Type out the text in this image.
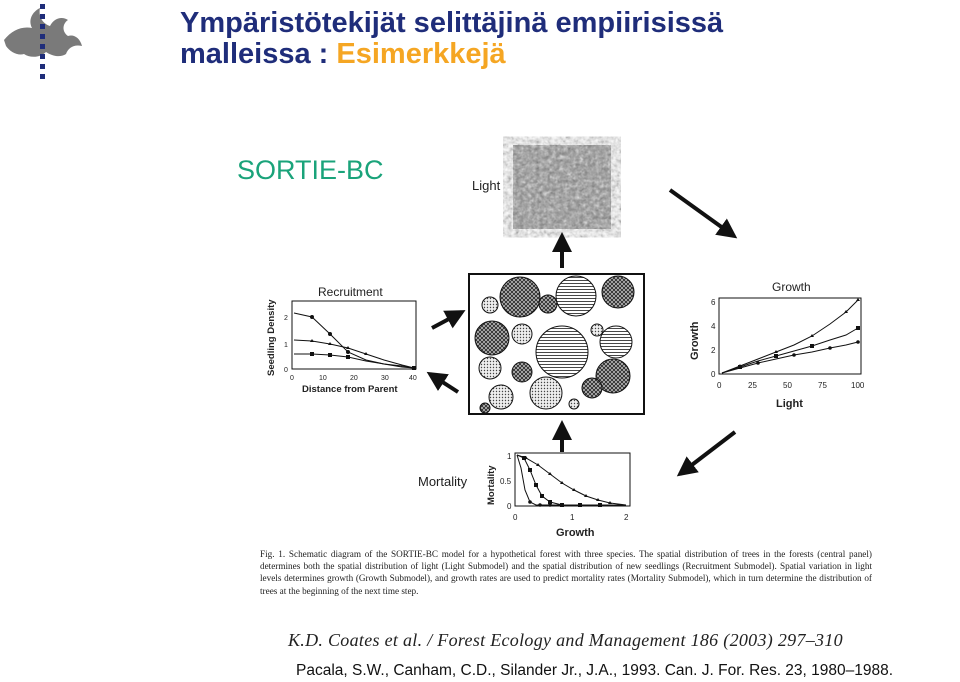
Ympäristötekijät selittäjinä empiirisissä
malleissa : Esimerkkejä
SORTIE-BC
Light
Recruitment
Seedling Density
Distance from Parent
0	10	20	30	40
0
1
2
Growth
Growth
Light
0	25	50	75	100
0
2
4
6
Mortality Mortality
Growth
0	1	2
0
0.5
1
Fig. 1. Schematic diagram of the SORTIE-BC model for a hypothetical forest with three species. The spatial distribution of trees in the forests (central panel) determines both the spatial distribution of light (Light Submodel) and the spatial distribution of new seedlings (Recruitment Submodel). Spatial variation in light levels determines growth (Growth Submodel), and growth rates are used to predict mortality rates (Mortality Submodel), which in turn determine the distribution of trees at the beginning of the next time step.
K.D. Coates et al. / Forest Ecology and Management 186 (2003) 297–310
Pacala, S.W., Canham, C.D., Silander Jr., J.A., 1993. Can. J. For. Res. 23, 1980–1988.
